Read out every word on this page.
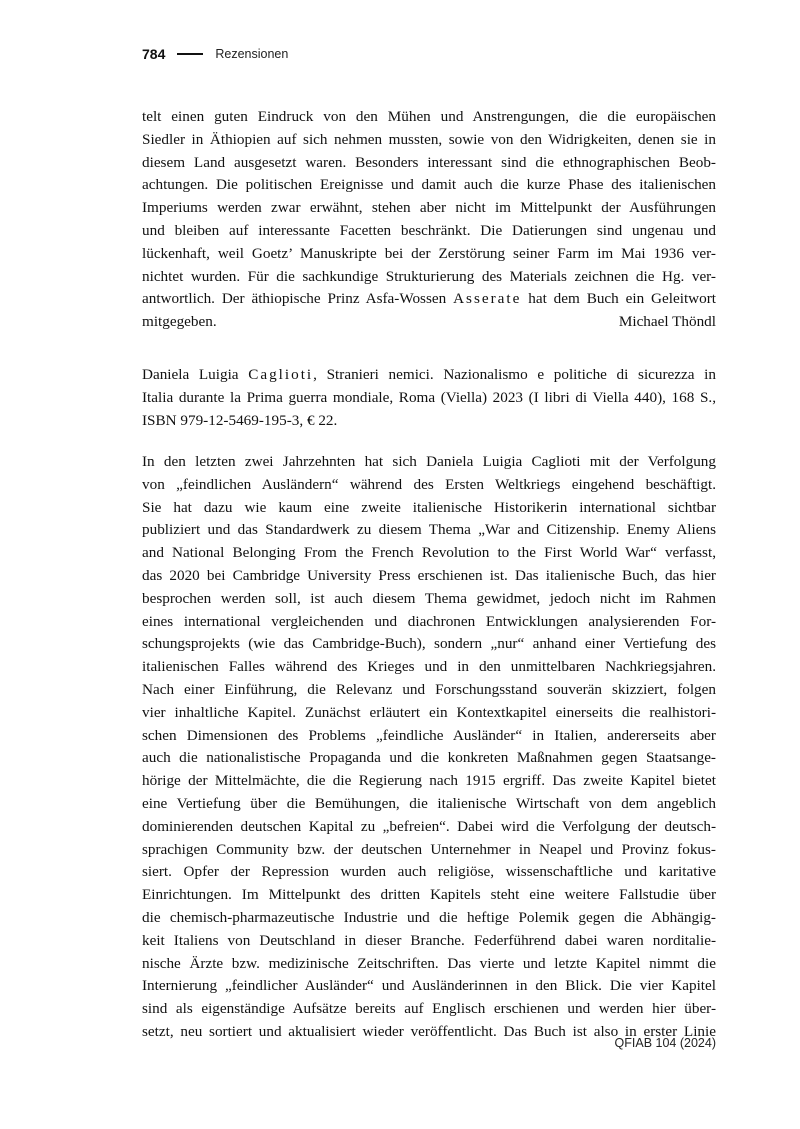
784	Rezensionen
telt einen guten Eindruck von den Mühen und Anstrengungen, die die europäischen
Siedler in Äthiopien auf sich nehmen mussten, sowie von den Widrigkeiten, denen sie in
diesem Land ausgesetzt waren. Besonders interessant sind die ethnographischen Beob-
achtungen. Die politischen Ereignisse und damit auch die kurze Phase des italienischen
Imperiums werden zwar erwähnt, stehen aber nicht im Mittelpunkt der Ausführungen
und bleiben auf interessante Facetten beschränkt. Die Datierungen sind ungenau und
lückenhaft, weil Goetz’ Manuskripte bei der Zerstörung seiner Farm im Mai 1936 ver-
nichtet wurden. Für die sachkundige Strukturierung des Materials zeichnen die Hg. ver-
antwortlich. Der äthiopische Prinz Asfa-Wossen Asserate hat dem Buch ein Geleitwort
mitgegeben.	Michael Thöndl
Daniela Luigia Caglioti, Stranieri nemici. Nazionalismo e politiche di sicurezza in
Italia durante la Prima guerra mondiale, Roma (Viella) 2023 (I libri di Viella 440), 168 S.,
ISBN 979-12-5469-195-3, € 22.
In den letzten zwei Jahrzehnten hat sich Daniela Luigia Caglioti mit der Verfolgung
von „feindlichen Ausländern“ während des Ersten Weltkriegs eingehend beschäftigt.
Sie hat dazu wie kaum eine zweite italienische Historikerin international sichtbar
publiziert und das Standardwerk zu diesem Thema „War and Citizenship. Enemy Aliens
and National Belonging From the French Revolution to the First World War“ verfasst,
das 2020 bei Cambridge University Press erschienen ist. Das italienische Buch, das hier
besprochen werden soll, ist auch diesem Thema gewidmet, jedoch nicht im Rahmen
eines international vergleichenden und diachronen Entwicklungen analysierenden For-
schungsprojekts (wie das Cambridge-Buch), sondern „nur“ anhand einer Vertiefung des
italienischen Falles während des Krieges und in den unmittelbaren Nachkriegsjahren.
Nach einer Einführung, die Relevanz und Forschungsstand souverän skizziert, folgen
vier inhaltliche Kapitel. Zunächst erläutert ein Kontextkapitel einerseits die realhistori-
schen Dimensionen des Problems „feindliche Ausländer“ in Italien, andererseits aber
auch die nationalistische Propaganda und die konkreten Maßnahmen gegen Staatsange-
hörige der Mittelmächte, die die Regierung nach 1915 ergriff. Das zweite Kapitel bietet
eine Vertiefung über die Bemühungen, die italienische Wirtschaft von dem angeblich
dominierenden deutschen Kapital zu „befreien“. Dabei wird die Verfolgung der deutsch-
sprachigen Community bzw. der deutschen Unternehmer in Neapel und Provinz fokus-
siert. Opfer der Repression wurden auch religiöse, wissenschaftliche und karitative
Einrichtungen. Im Mittelpunkt des dritten Kapitels steht eine weitere Fallstudie über
die chemisch-pharmazeutische Industrie und die heftige Polemik gegen die Abhängig-
keit Italiens von Deutschland in dieser Branche. Federführend dabei waren norditalie-
nische Ärzte bzw. medizinische Zeitschriften. Das vierte und letzte Kapitel nimmt die
Internierung „feindlicher Ausländer“ und Ausländerinnen in den Blick. Die vier Kapitel
sind als eigenständige Aufsätze bereits auf Englisch erschienen und werden hier über-
setzt, neu sortiert und aktualisiert wieder veröffentlicht. Das Buch ist also in erster Linie
QFIAB 104 (2024)
